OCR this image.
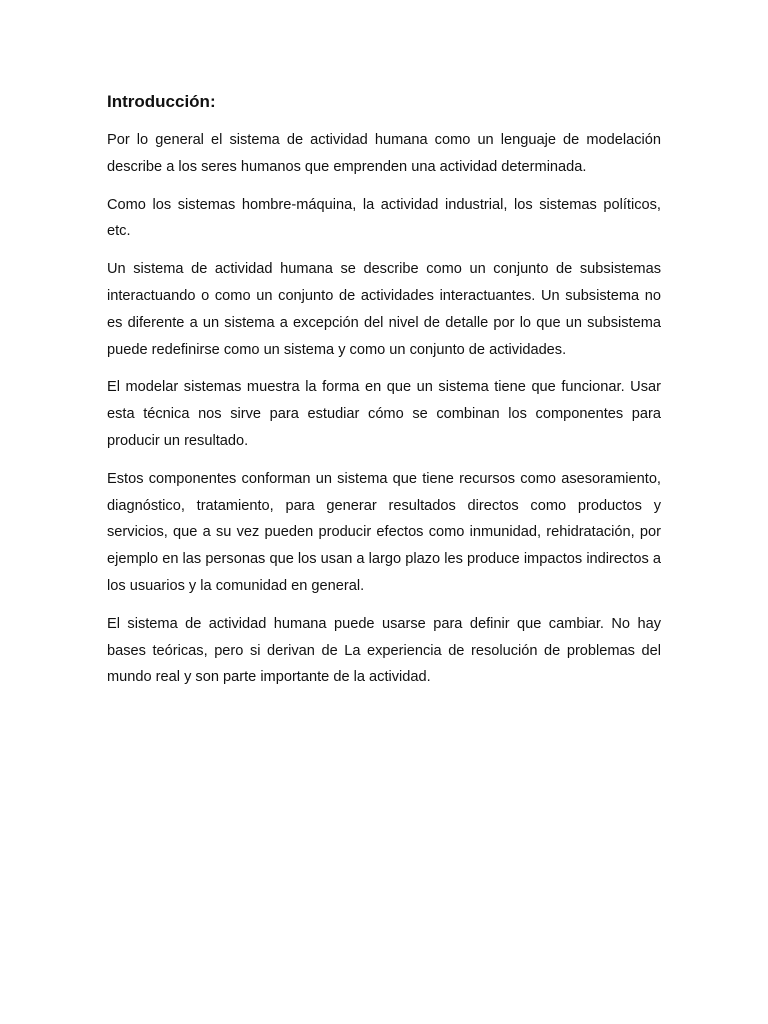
Introducción:

Por lo general el sistema de actividad humana como un lenguaje de modelación describe a los seres humanos que emprenden una actividad determinada.

Como los sistemas hombre-máquina, la actividad industrial, los sistemas políticos, etc.

Un sistema de actividad humana se describe como un conjunto de subsistemas interactuando o como un conjunto de actividades interactuantes. Un subsistema no es diferente a un sistema a excepción del nivel de detalle por lo que un subsistema puede redefinirse como un sistema y como un conjunto de actividades.

El modelar sistemas muestra la forma en que un sistema tiene que funcionar. Usar esta técnica nos sirve para estudiar cómo se combinan los componentes para producir un resultado.

Estos componentes conforman un sistema que tiene recursos como asesoramiento, diagnóstico, tratamiento, para generar resultados directos como productos y servicios, que a su vez pueden producir efectos como inmunidad, rehidratación, por ejemplo en las personas que los usan a largo plazo les produce impactos indirectos a los usuarios y la comunidad en general.

El sistema de actividad humana puede usarse para definir que cambiar. No hay bases teóricas, pero si derivan de La experiencia de resolución de problemas del mundo real y son parte importante de la actividad.
